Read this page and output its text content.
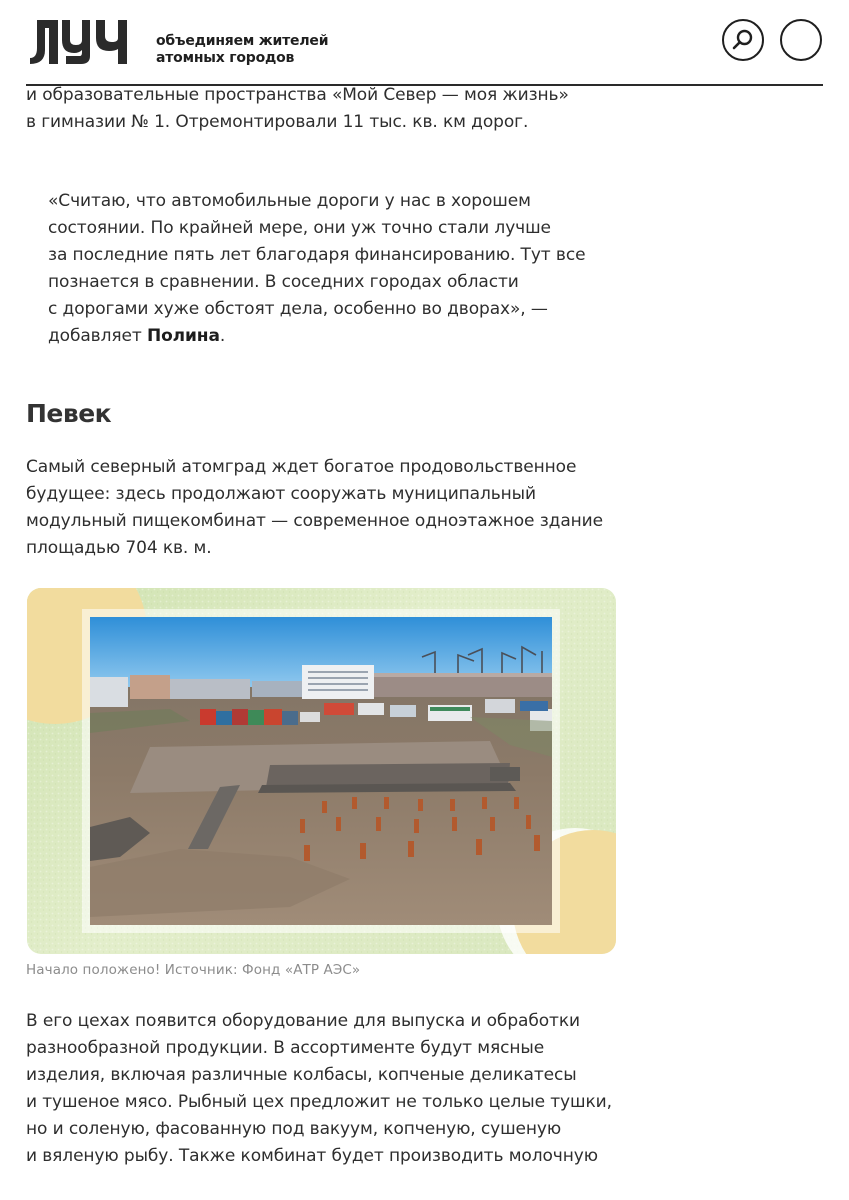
объединяем жителей
атомных городов

и образовательные пространства «Мой Север — моя жизнь»
в гимназии № 1. Отремонтировали 11 тыс. кв. км дорог.

«Считаю, что автомобильные дороги у нас в хорошем
состоянии. По крайней мере, они уж точно стали лучше
за последние пять лет благодаря финансированию. Тут все
познается в сравнении. В соседних городах области
с дорогами хуже обстоят дела, особенно во дворах», —
добавляет Полина.
Певек

Самый северный атомград ждет богатое продовольственное
будущее: здесь продолжают сооружать муниципальный
модульный пищекомбинат — современное одноэтажное здание
площадью 704 кв. м.

Начало положено! Источник: Фонд «АТР АЭС»

В его цехах появится оборудование для выпуска и обработки
разнообразной продукции. В ассортименте будут мясные
изделия, включая различные колбасы, копченые деликатесы
и тушеное мясо. Рыбный цех предложит не только целые тушки,
но и соленую, фасованную под вакуум, копченую, сушеную
и вяленую рыбу. Также комбинат будет производить молочную
